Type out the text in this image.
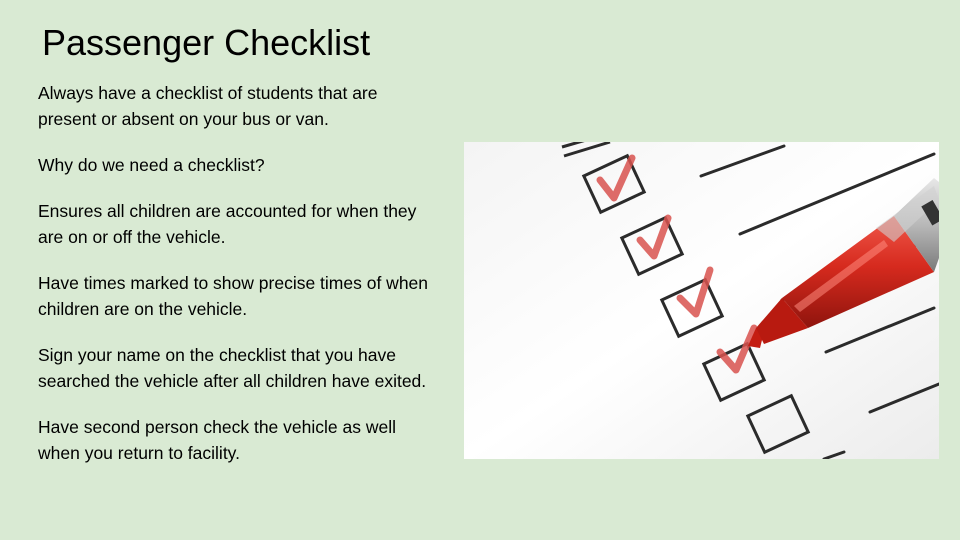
Passenger Checklist

Always have a checklist of students that are present or absent on your bus or van.

Why do we need a checklist?

Ensures all children are accounted for when they are on or off the vehicle.

Have times marked to show precise times of when children are on the vehicle.

Sign your name on the checklist that you have searched the vehicle after all children have exited.

Have second person check the vehicle as well when you return to facility.
